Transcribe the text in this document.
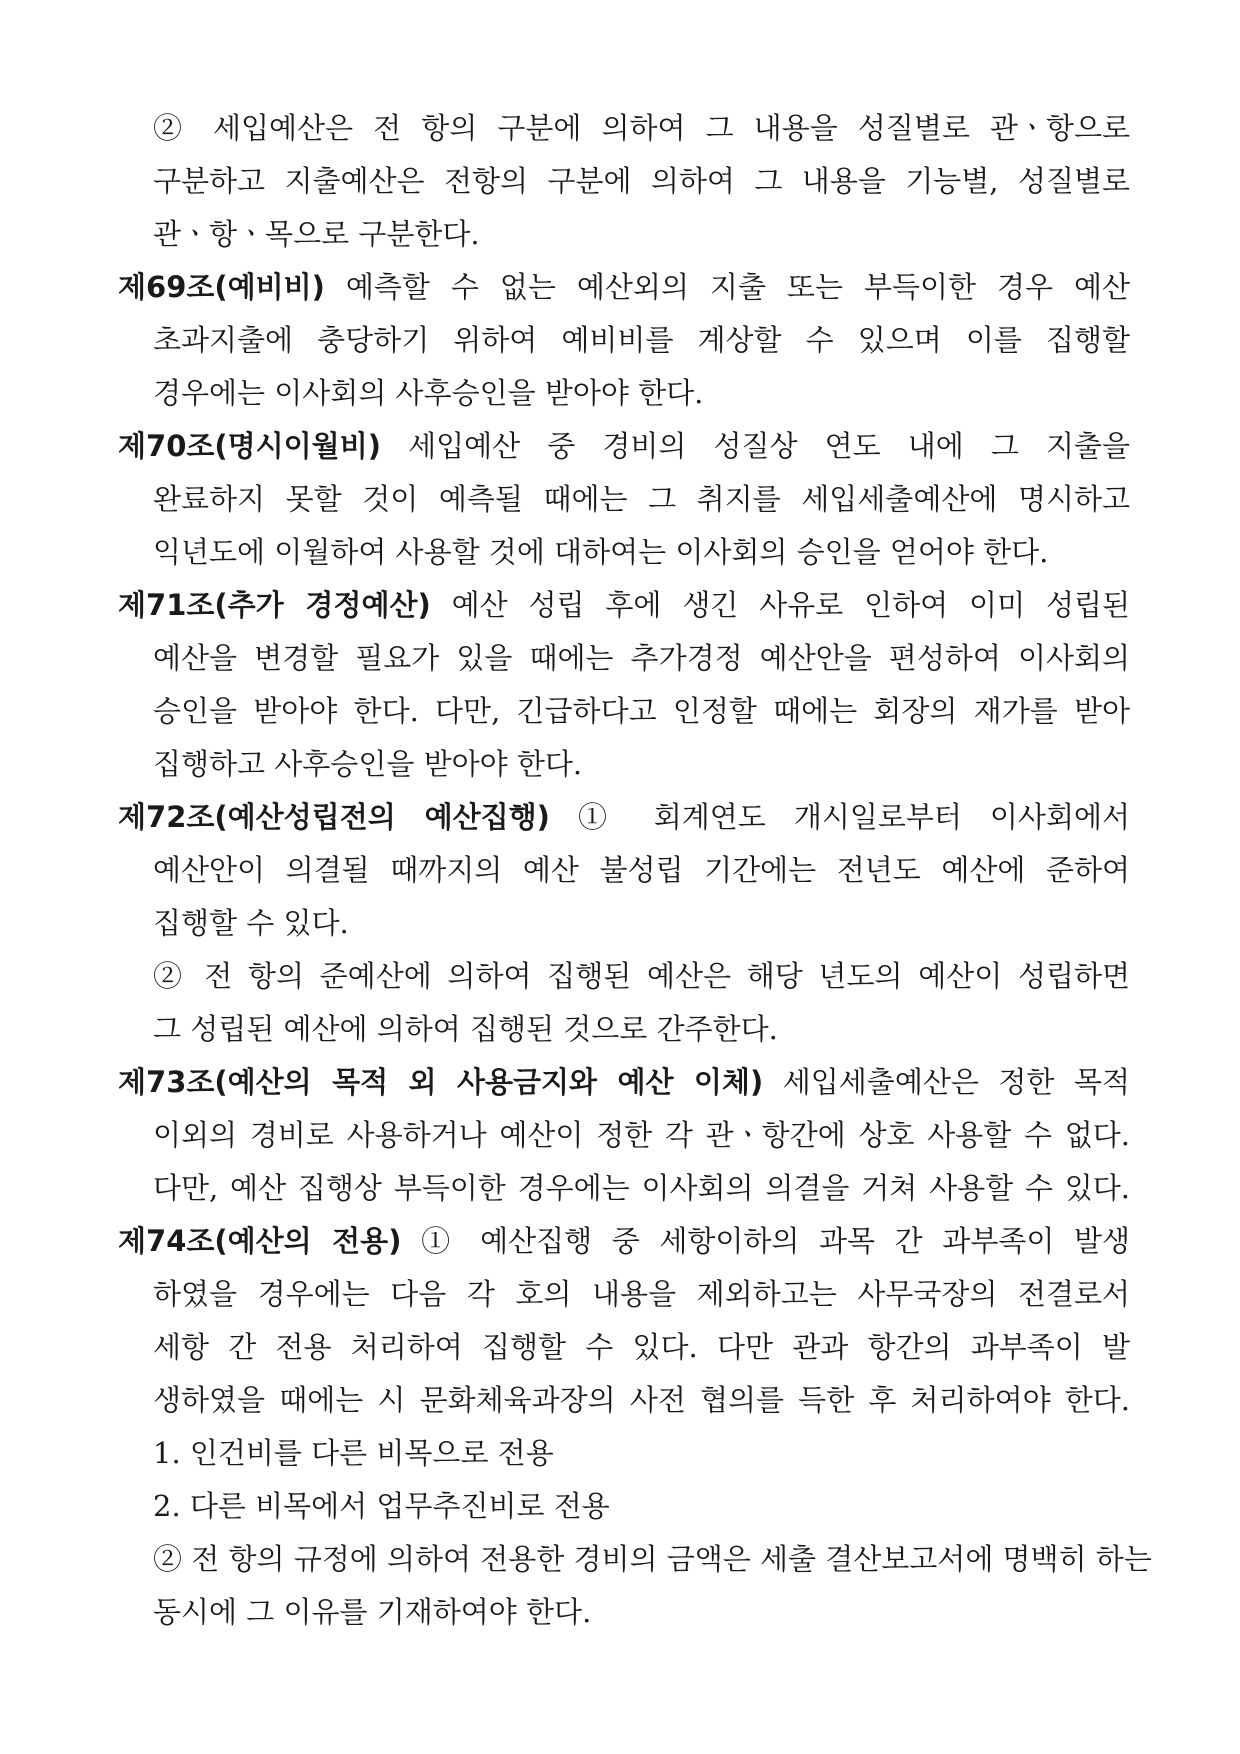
② 세입예산은 전 항의 구분에 의하여 그 내용을 성질별로 관ㆍ항으로
구분하고 지출예산은 전항의 구분에 의하여 그 내용을 기능별, 성질별로
관ㆍ항ㆍ목으로 구분한다.
제69조(예비비) 예측할 수 없는 예산외의 지출 또는 부득이한 경우 예산
초과지출에 충당하기 위하여 예비비를 계상할 수 있으며 이를 집행할
경우에는 이사회의 사후승인을 받아야 한다.
제70조(명시이월비) 세입예산 중 경비의 성질상 연도 내에 그 지출을
완료하지 못할 것이 예측될 때에는 그 취지를 세입세출예산에 명시하고
익년도에 이월하여 사용할 것에 대하여는 이사회의 승인을 얻어야 한다.
제71조(추가 경정예산) 예산 성립 후에 생긴 사유로 인하여 이미 성립된
예산을 변경할 필요가 있을 때에는 추가경정 예산안을 편성하여 이사회의
승인을 받아야 한다. 다만, 긴급하다고 인정할 때에는 회장의 재가를 받아
집행하고 사후승인을 받아야 한다.
제72조(예산성립전의 예산집행) ① 회계연도 개시일로부터 이사회에서
예산안이 의결될 때까지의 예산 불성립 기간에는 전년도 예산에 준하여
집행할 수 있다.
② 전 항의 준예산에 의하여 집행된 예산은 해당 년도의 예산이 성립하면
그 성립된 예산에 의하여 집행된 것으로 간주한다.
제73조(예산의 목적 외 사용금지와 예산 이체) 세입세출예산은 정한 목적
이외의 경비로 사용하거나 예산이 정한 각 관ㆍ항간에 상호 사용할 수 없다.
다만, 예산 집행상 부득이한 경우에는 이사회의 의결을 거쳐 사용할 수 있다.
제74조(예산의 전용) ① 예산집행 중 세항이하의 과목 간 과부족이 발생
하였을 경우에는 다음 각 호의 내용을 제외하고는 사무국장의 전결로서
세항 간 전용 처리하여 집행할 수 있다. 다만 관과 항간의 과부족이 발
생하였을 때에는 시 문화체육과장의 사전 협의를 득한 후 처리하여야 한다.
1. 인건비를 다른 비목으로 전용
2. 다른 비목에서 업무추진비로 전용
② 전 항의 규정에 의하여 전용한 경비의 금액은 세출 결산보고서에 명백히 하는
동시에 그 이유를 기재하여야 한다.
